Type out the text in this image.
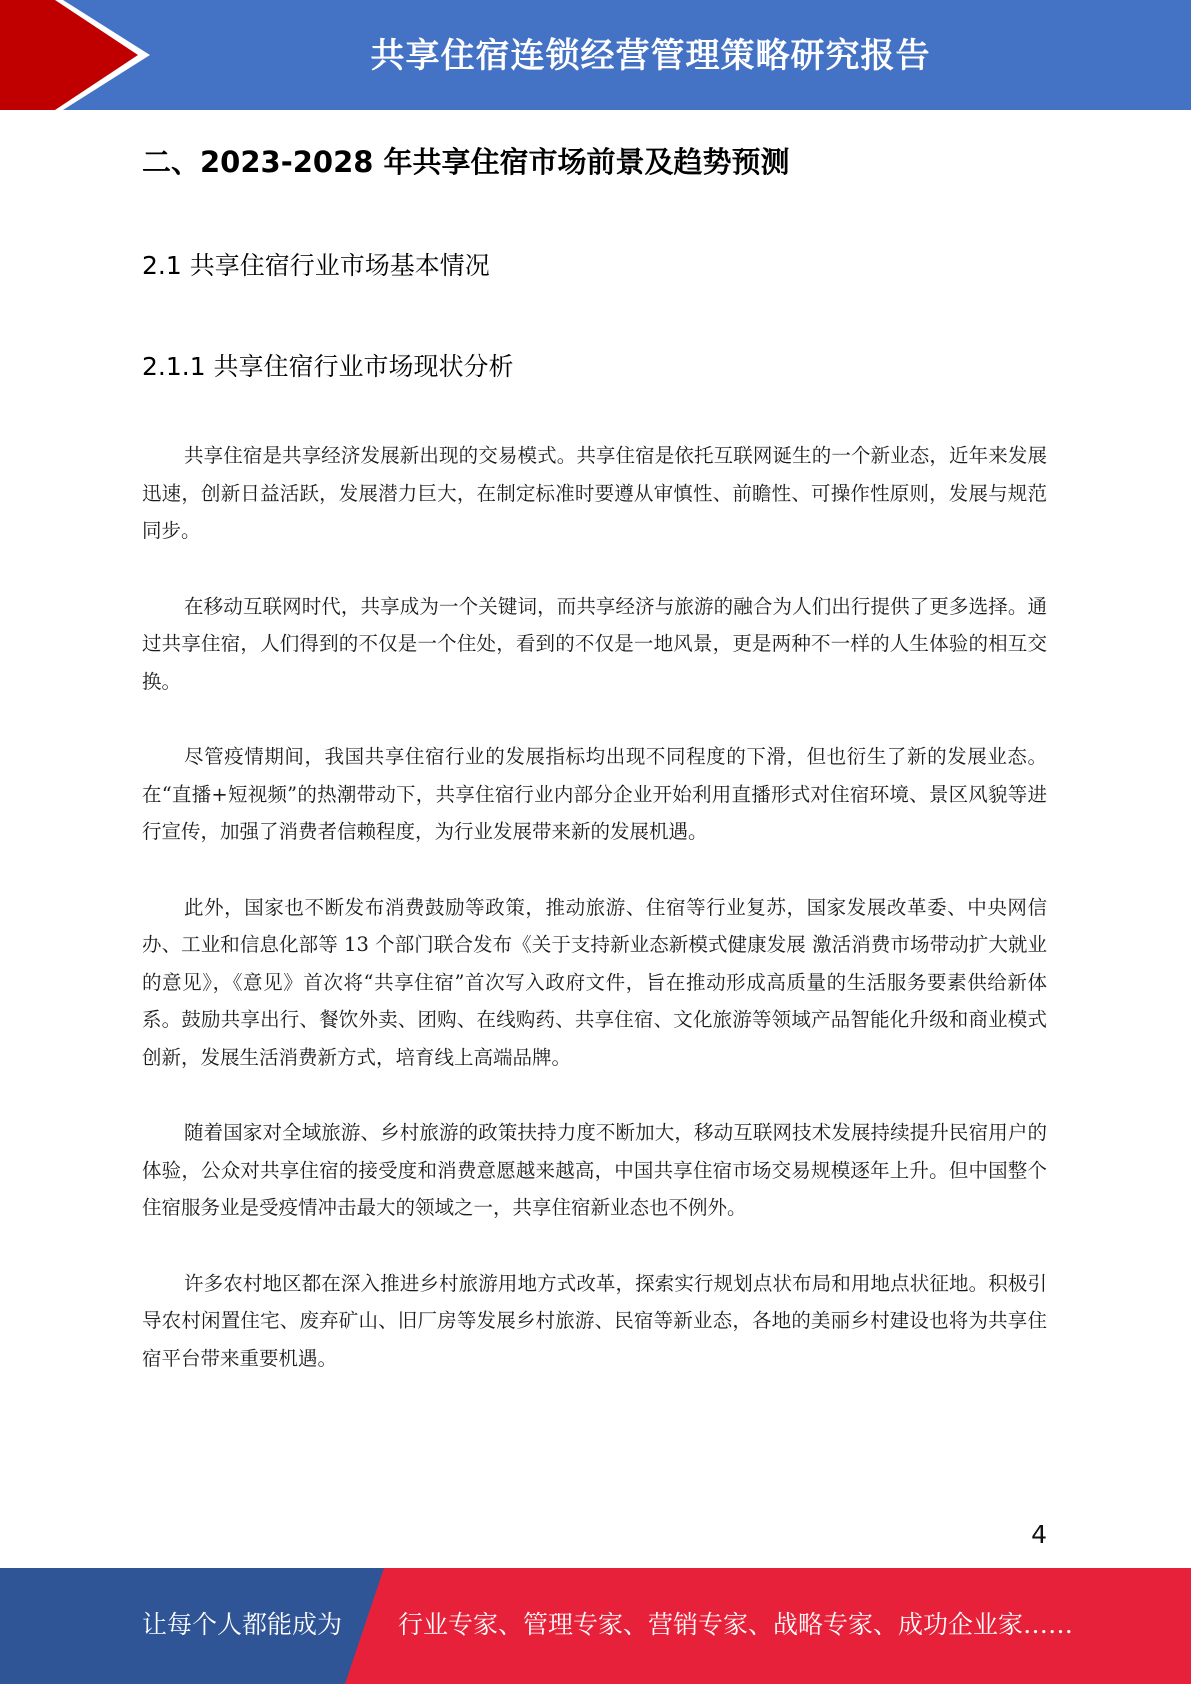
共享住宿连锁经营管理策略研究报告
二、2023-2028 年共享住宿市场前景及趋势预测
2.1 共享住宿行业市场基本情况
2.1.1 共享住宿行业市场现状分析

共享住宿是共享经济发展新出现的交易模式。共享住宿是依托互联网诞生的一个新业态，近年来发展迅速，创新日益活跃，发展潜力巨大，在制定标准时要遵从审慎性、前瞻性、可操作性原则，发展与规范同步。

在移动互联网时代，共享成为一个关键词，而共享经济与旅游的融合为人们出行提供了更多选择。通过共享住宿，人们得到的不仅是一个住处，看到的不仅是一地风景，更是两种不一样的人生体验的相互交换。

尽管疫情期间，我国共享住宿行业的发展指标均出现不同程度的下滑，但也衍生了新的发展业态。在“直播+短视频”的热潮带动下，共享住宿行业内部分企业开始利用直播形式对住宿环境、景区风貌等进行宣传，加强了消费者信赖程度，为行业发展带来新的发展机遇。

此外，国家也不断发布消费鼓励等政策，推动旅游、住宿等行业复苏，国家发展改革委、中央网信办、工业和信息化部等 13 个部门联合发布《关于支持新业态新模式健康发展 激活消费市场带动扩大就业的意见》，《意见》首次将“共享住宿”首次写入政府文件，旨在推动形成高质量的生活服务要素供给新体系。鼓励共享出行、餐饮外卖、团购、在线购药、共享住宿、文化旅游等领域产品智能化升级和商业模式创新，发展生活消费新方式，培育线上高端品牌。

随着国家对全域旅游、乡村旅游的政策扶持力度不断加大，移动互联网技术发展持续提升民宿用户的体验，公众对共享住宿的接受度和消费意愿越来越高，中国共享住宿市场交易规模逐年上升。但中国整个住宿服务业是受疫情冲击最大的领域之一，共享住宿新业态也不例外。

许多农村地区都在深入推进乡村旅游用地方式改革，探索实行规划点状布局和用地点状征地。积极引导农村闲置住宅、废弃矿山、旧厂房等发展乡村旅游、民宿等新业态，各地的美丽乡村建设也将为共享住宿平台带来重要机遇。

4
让每个人都能成为 行业专家、管理专家、营销专家、战略专家、成功企业家……
